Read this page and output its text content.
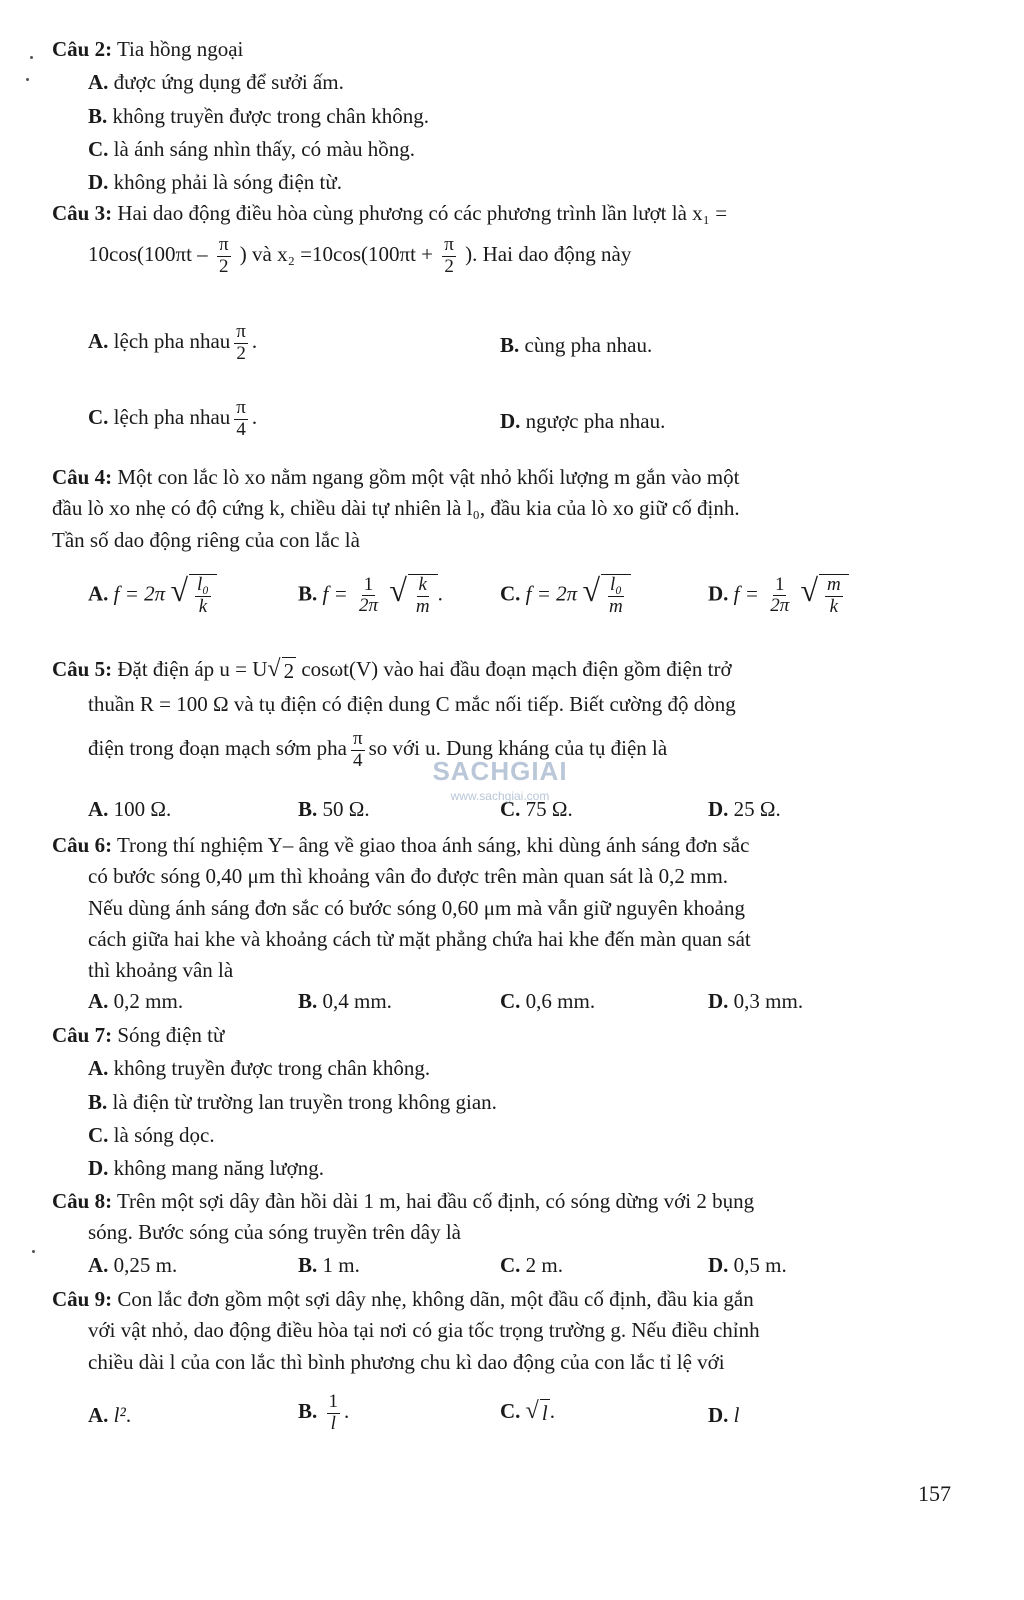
Câu 2: Tia hồng ngoại

A. được ứng dụng để sưởi ấm.

B. không truyền được trong chân không.

C. là ánh sáng nhìn thấy, có màu hồng.

D. không phải là sóng điện từ.

Câu 3: Hai dao động điều hòa cùng phương có các phương trình lần lượt là x₁ =

$10\cos(100\pi t - \frac{\pi}{2}$ ) và $x_2 =10\cos(100\pi t + \frac{\pi}{2}$ ). Hai dao động này

A. lệch pha nhau $\frac{\pi}{2}$ .	B. cùng pha nhau.
C. lệch pha nhau $\frac{\pi}{4}$ .	D. ngược pha nhau.

Câu 4: Một con lắc lò xo nằm ngang gồm một vật nhỏ khối lượng m gắn vào một

đầu lò xo nhẹ có độ cứng k, chiều dài tự nhiên là l₀, đầu kia của lò xo giữ cố định.

Tần số dao động riêng của con lắc là

A. f = 2π √ $\frac{\text{l₀}}{k}$	B. $f = \frac{1}{2\pi}$
√ $\frac{k}{m}$ .	C. f = 2π √ $\frac{\text{l₀}}{m}$	D. $f = \frac{1}{2\pi}$
√ $\frac{m}{k}$

Câu 5: Đặt điện áp u = U √ 2 cosωt(V) vào hai đầu đoạn mạch điện gồm điện trở

thuần R = 100 Ω và tụ điện có điện dung C mắc nối tiếp. Biết cường độ dòng

điện trong đoạn mạch sớm pha $\frac{\pi}{4}$ so với u. Dung kháng của tụ điện là

A. 100 Ω.	B. 50 Ω.	C. 75 Ω.	D. 25 Ω.
SACHGIAI
www.sachgiai.com

Câu 6: Trong thí nghiệm Y– âng về giao thoa ánh sáng, khi dùng ánh sáng đơn sắc

có bước sóng 0,40 μm thì khoảng vân đo được trên màn quan sát là 0,2 mm.

Nếu dùng ánh sáng đơn sắc có bước sóng 0,60 μm mà vẫn giữ nguyên khoảng

cách giữa hai khe và khoảng cách từ mặt phẳng chứa hai khe đến màn quan sát

thì khoảng vân là

A. 0,2 mm.	B. 0,4 mm.	C. 0,6 mm.	D. 0,3 mm.

Câu 7: Sóng điện từ

A. không truyền được trong chân không.

B. là điện từ trường lan truyền trong không gian.

C. là sóng dọc.

D. không mang năng lượng.

Câu 8: Trên một sợi dây đàn hồi dài 1 m, hai đầu cố định, có sóng dừng với 2 bụng

sóng. Bước sóng của sóng truyền trên dây là

A. 0,25 m.	B. 1 m.	C. 2 m.	D. 0,5 m.

Câu 9: Con lắc đơn gồm một sợi dây nhẹ, không dãn, một đầu cố định, đầu kia gắn

với vật nhỏ, dao động điều hòa tại nơi có gia tốc trọng trường g. Nếu điều chỉnh

chiều dài l của con lắc thì bình phương chu kì dao động của con lắc tỉ lệ với

A. l².	B. $\frac{1}{l}$ .	C. √ l .	D. l
157
